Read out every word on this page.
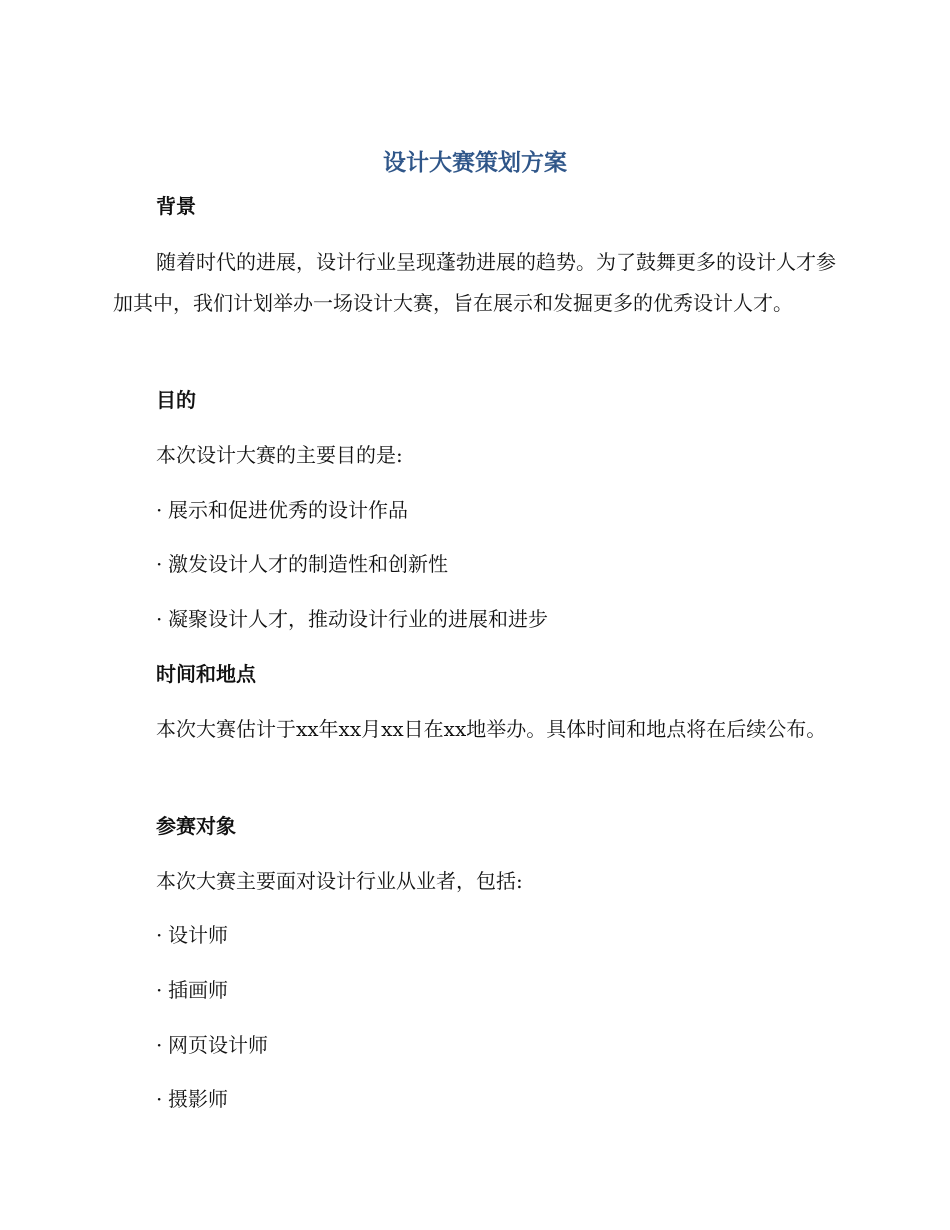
设计大赛策划方案
背景
随着时代的进展，设计行业呈现蓬勃进展的趋势。为了鼓舞更多的设计人才参加其中，我们计划举办一场设计大赛，旨在展示和发掘更多的优秀设计人才。
目的
本次设计大赛的主要目的是:
· 展示和促进优秀的设计作品
· 激发设计人才的制造性和创新性
· 凝聚设计人才，推动设计行业的进展和进步
时间和地点
本次大赛估计于xx年xx月xx日在xx地举办。具体时间和地点将在后续公布。
参赛对象
本次大赛主要面对设计行业从业者，包括:
· 设计师
· 插画师
· 网页设计师
· 摄影师
